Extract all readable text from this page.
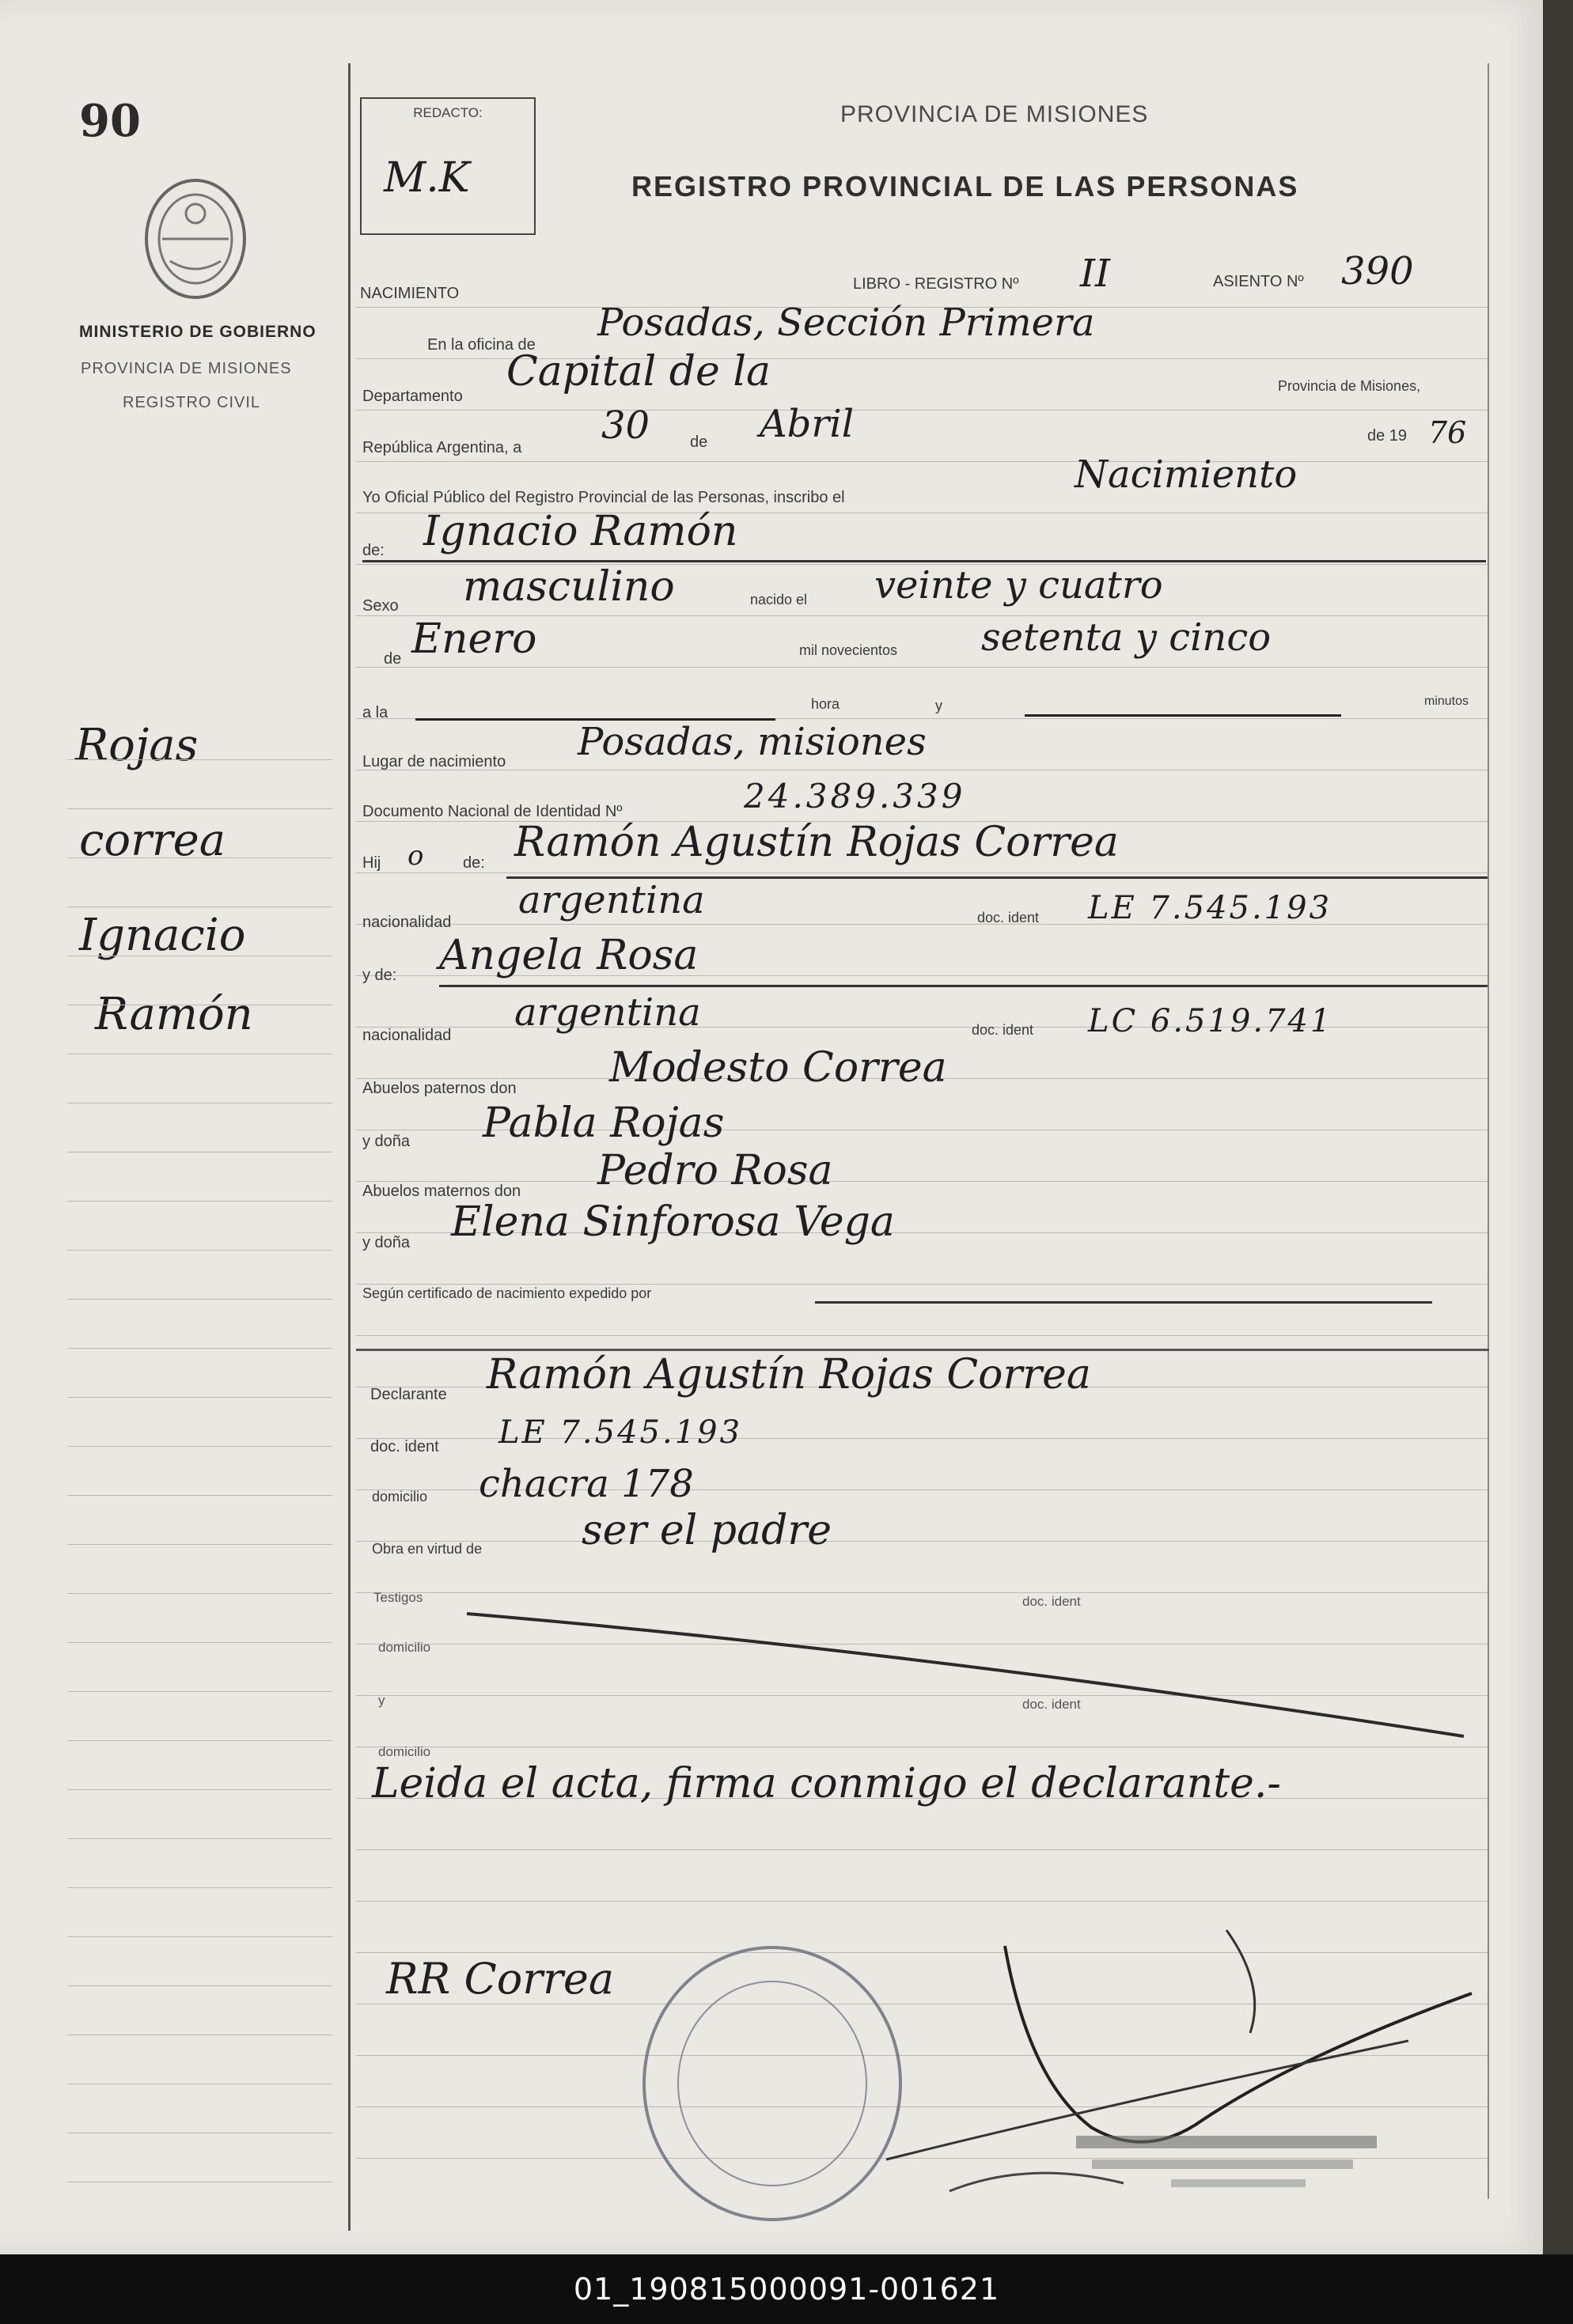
90
MINISTERIO DE GOBIERNO
PROVINCIA DE MISIONES
REGISTRO CIVIL
Rojas
correa
Ignacio
Ramón
REDACTO:
M.K
PROVINCIA DE MISIONES
REGISTRO PROVINCIAL DE LAS PERSONAS
NACIMIENTO
LIBRO - REGISTRO Nº II	ASIENTO Nº 390
En la oficina de Posadas, Sección Primera
Departamento
Capital de la	Provincia de Misiones,
República Argentina, a 30	de Abril	de 19 76
Yo Oficial Público del Registro Provincial de las Personas, inscribo el
Nacimiento
de: Ignacio Ramón
Sexo masculino	nacido el veinte y cuatro
de Enero	mil novecientos setenta y cinco
a la	hora	y	minutos
Lugar de nacimiento Posadas, misiones
Documento Nacional de Identidad Nº	24.389.339
Hij o de: Ramón Agustín Rojas Correa
nacionalidad argentina	doc. ident LE 7.545.193
y de: Angela Rosa
nacionalidad
argentina	doc. ident LC 6.519.741
Abuelos paternos don Modesto Correa
y doña Pabla Rojas
Abuelos maternos don Pedro Rosa
y doña Elena Sinforosa Vega
Según certificado de nacimiento expedido por
Declarante Ramón Agustín Rojas Correa
doc. ident LE 7.545.193
domicilio chacra 178
Obra en virtud de ser el padre
Testigos	doc. ident
domicilio
y	doc. ident
domicilio
Leida el acta, firma conmigo el declarante.-
RR Correa
01_190815000091-001621
